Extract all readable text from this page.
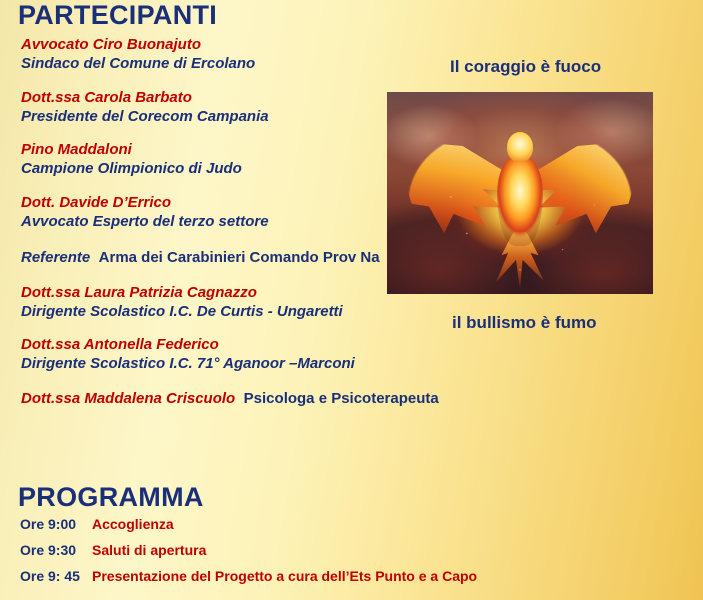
PARTECIPANTI
Avvocato Ciro Buonajuto
Sindaco del Comune di Ercolano
Dott.ssa Carola Barbato
Presidente del Corecom Campania
Pino Maddaloni
Campione Olimpionico di Judo
Dott. Davide D’Errico
Avvocato Esperto del terzo settore
Referente Arma dei Carabinieri Comando Prov Na
Dott.ssa Laura Patrizia Cagnazzo
Dirigente Scolastico I.C. De Curtis - Ungaretti
Dott.ssa Antonella Federico
Dirigente Scolastico I.C. 71° Aganoor –Marconi
Dott.ssa Maddalena Criscuolo Psicologa e Psicoterapeuta
Il coraggio è fuoco
il bullismo è fumo
PROGRAMMA
Ore 9:00	Accoglienza
Ore 9:30	Saluti di apertura
Ore 9: 45 Presentazione del Progetto a cura dell’Ets Punto e a Capo
